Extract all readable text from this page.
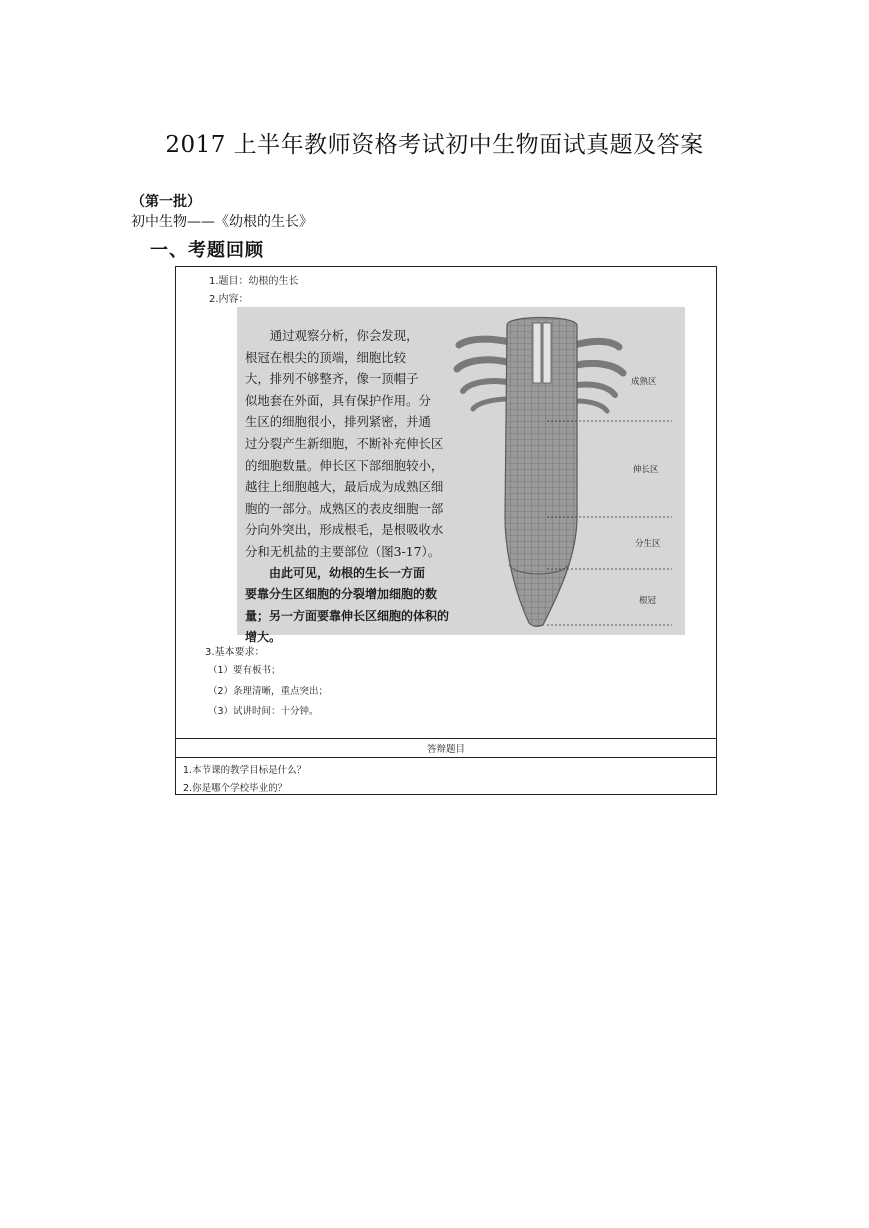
2017 上半年教师资格考试初中生物面试真题及答案
（第一批）
初中生物——《幼根的生长》
一、考题回顾
1.题目：幼根的生长
2.内容：

　　通过观察分析，你会发现，

根冠在根尖的顶端，细胞比较

大，排列不够整齐，像一顶帽子

似地套在外面，具有保护作用。分

生区的细胞很小，排列紧密，并通

过分裂产生新细胞，不断补充伸长区

的细胞数量。伸长区下部细胞较小，

越往上细胞越大，最后成为成熟区细

胞的一部分。成熟区的表皮细胞一部

分向外突出，形成根毛，是根吸收水

分和无机盐的主要部位（图3-17）。

　　由此可见，幼根的生长一方面

要靠分生区细胞的分裂增加细胞的数

量；另一方面要靠伸长区细胞的体积的

增大。

成熟区
伸长区
分生区
根冠
3.基本要求：
（1）要有板书；
（2）条理清晰，重点突出；
（3）试讲时间：十分钟。
答辩题目
1.本节课的教学目标是什么？
2.你是哪个学校毕业的？
